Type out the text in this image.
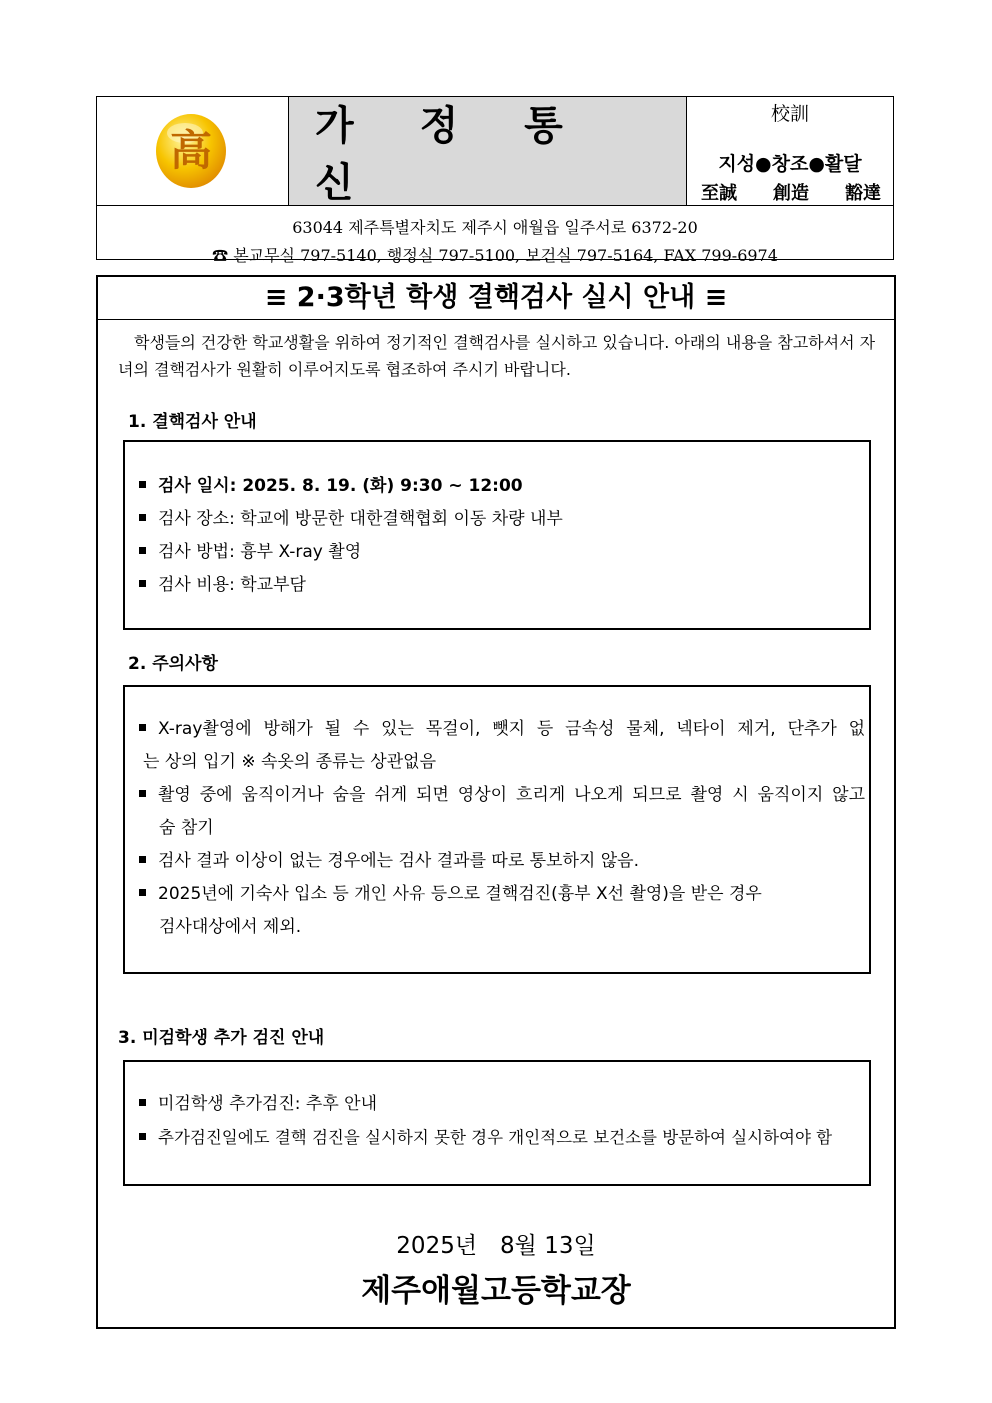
高
가 정 통 신
校訓
지성●창조●활달
至誠 創造 豁達
63044 제주특별자치도 제주시 애월읍 일주서로 6372-20
☎ 본교무실 797-5140, 행정실 797-5100, 보건실 797-5164, FAX 799-6974
≡ 2·3학년 학생 결핵검사 실시 안내 ≡
학생들의 건강한 학교생활을 위하여 정기적인 결핵검사를 실시하고 있습니다. 아래의 내용을 참고하셔서 자녀의 결핵검사가 원활히 이루어지도록 협조하여 주시기 바랍니다.
1. 결핵검사 안내
검사 일시: 2025. 8. 19. (화) 9:30 ~ 12:00
검사 장소: 학교에 방문한 대한결핵협회 이동 차량 내부
검사 방법: 흉부 X-ray 촬영
검사 비용: 학교부담
2. 주의사항
X-ray촬영에 방해가 될 수 있는 목걸이, 뺏지 등 금속성 물체, 넥타이 제거, 단추가 없
는 상의 입기 ※ 속옷의 종류는 상관없음
촬영 중에 움직이거나 숨을 쉬게 되면 영상이 흐리게 나오게 되므로 촬영 시 움직이지 않고
숨 참기
검사 결과 이상이 없는 경우에는 검사 결과를 따로 통보하지 않음.
2025년에 기숙사 입소 등 개인 사유 등으로 결핵검진(흉부 X선 촬영)을 받은 경우
검사대상에서 제외.
3. 미검학생 추가 검진 안내
미검학생 추가검진: 추후 안내
추가검진일에도 결핵 검진을 실시하지 못한 경우 개인적으로 보건소를 방문하여 실시하여야 함
2025년　8월 13일
제주애월고등학교장
